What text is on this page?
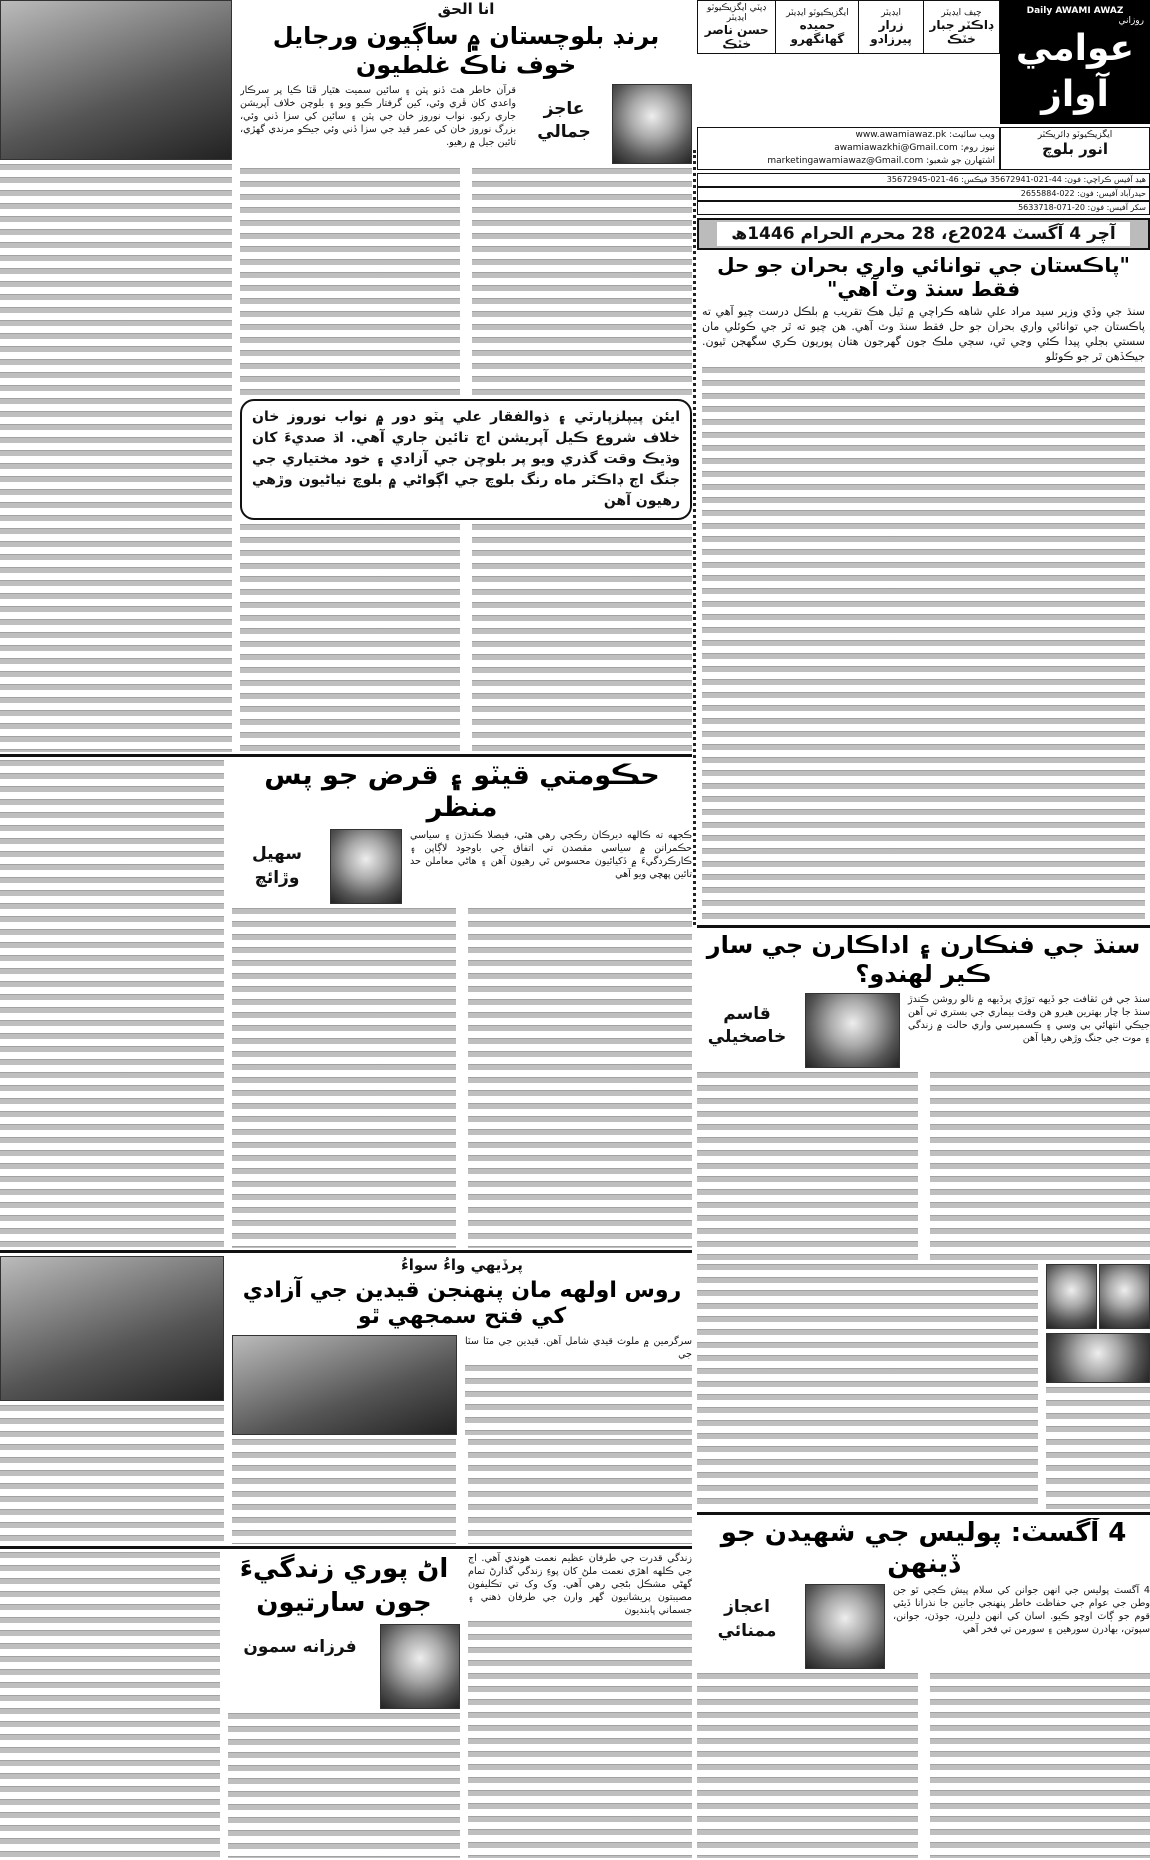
Daily AWAMI AWAZ
روزاني
عوامي آواز
چيف ايڊيٽر
ڊاڪٽر جبار خٽڪ

ايڊيٽر
زرار پيرزادو

ايگزيڪيوٽو ايڊيٽر
حميده گهانگهرو

ڊپٽي ايگزيڪيوٽو ايڊيٽر
حسن ناصر خٽڪ
ايگزيڪيوٽو ڊائريڪٽر
انور بلوچ
ويب سائيٽ: www.awamiawaz.pk
نيوز روم: awamiawazkhi@Gmail.com
اشتهارن جو شعبو: marketingawamiawaz@Gmail.com
هيڊ آفيس ڪراچي: فون: 44-021-35672941 فيڪس: 46-021-35672945
حيدرآباد آفيس: فون: 022-2655884
سکر آفيس: فون: 20-071-5633718
آچر 4 آگسٽ 2024ع، 28 محرم الحرام 1446ھ
"پاڪستان جي توانائي واري بحران جو حل فقط سنڌ وٽ آهي"
سنڌ جي وڏي وزير سيد مراد علي شاهه ڪراچي ۾ ٿيل هڪ تقريب ۾ بلڪل درست چيو آهي ته پاڪستان جي توانائي واري بحران جو حل فقط سنڌ وٽ آهي. هن چيو ته ٿر جي ڪوئلي مان سستي بجلي پيدا ڪئي وڃي ٿي، سڄي ملڪ جون گهرجون هتان پوريون ڪري سگهجن ٿيون. جيڪڏهن ٿر جو ڪوئلو
انا الحق
برنڊ بلوچستان ۾ ساڳيون ورجايل خوف ناڪ غلطيون
عاجز جمالي
قرآن خاطر هٿ ڏنو پٽن ۽ سائين سميت هٿيار ڦٽا ڪيا پر سرڪار واعدي کان ڦري وئي، کين گرفتار ڪيو ويو ۽ بلوچن خلاف آپريشن جاري رکيو. نواب نوروز خان جي پٽن ۽ سائين کي سزا ڏني وئي، بزرگ نوروز خان کي عمر قيد جي سزا ڏني وئي جيڪو مرندي گهڙي، تائين جيل ۾ رهيو.
ايئن پيپلزپارٽي ۽ ذوالفقار علي ڀٽو دور ۾ نواب نوروز خان خلاف شروع ڪيل آپريشن اڄ تائين جاري آهي. اڌ صديءَ کان وڌيڪ وقت گذري ويو پر بلوچن جي آزادي ۽ خود مختياري جي جنگ اڄ ڊاڪٽر ماه رنگ بلوچ جي اڳواڻي ۾ بلوچ نياڻيون وڙهي رهيون آهن
حڪومتي قيٽو ۽ قرض جو پس منظر
ڪجهه ته ڪالهه ديرڪان رڪجي رهي هئي، فيصلا ڪندڙن ۽ سياسي حڪمرانن ۾ سياسي مقصدن تي اتفاق جي باوجود لاڳاپن ۽ ڪارڪردگيءَ ۾ ڏکيائيون محسوس ٿي رهيون آهن ۽ هاڻي معاملن حد تائين پهچي ويو آهي
سهيل وڙائچ
سنڌ جي فنڪارن ۽ اداڪارن جي سار ڪير لهندو؟
سنڌ جي فن ثقافت جو ڏيهه توڙي پرڏيهه ۾ نالو روشن ڪندڙ سنڌ جا چار بهترين هيرو هن وقت بيماري جي بستري تي آهن جيڪي انتهائي بي وسي ۽ ڪسمپرسي واري حالت ۾ زندگي ۽ موت جي جنگ وڙهي رهيا آهن
قاسم خاصخيلي
پرڏيهي واءُ سواءُ
روس اولهه مان پنهنجن قيدين جي آزادي کي فتح سمجهي ٿو
سرگرمين ۾ ملوث قيدي شامل آهن. قيدين جي مٽا سٽا جي
4 آگسٽ: پوليس جي شهيدن جو ڏينهن
4 آگسٽ پوليس جي انهن جوانن کي سلام پيش ڪجي ٿو جن وطن جي عوام جي حفاظت خاطر پنهنجي جانين جا نذرانا ڏيئي قوم جو ڳاٽ اوچو ڪيو. اسان کي انهن دليرن، جوڌن، جوانن، سپوتن، بهادرن سورهين ۽ سورمن تي فخر آهي
اعجاز ممنائي
زندگي قدرت جي طرفان عظيم نعمت هوندي آهي. اڄ جي ڪلهه اهڙي نعمت ملڻ کان پوءِ زندگي گذارڻ تمام گهڻي مشڪل بڻجي رهي آهي. وک وک تي تڪليفون مصيبتون پريشانيون گهر وارن جي طرفان ذهني ۽ جسماني پابنديون
اڻ پوري زندگيءَ جون سارتيون
فرزانه سمون
